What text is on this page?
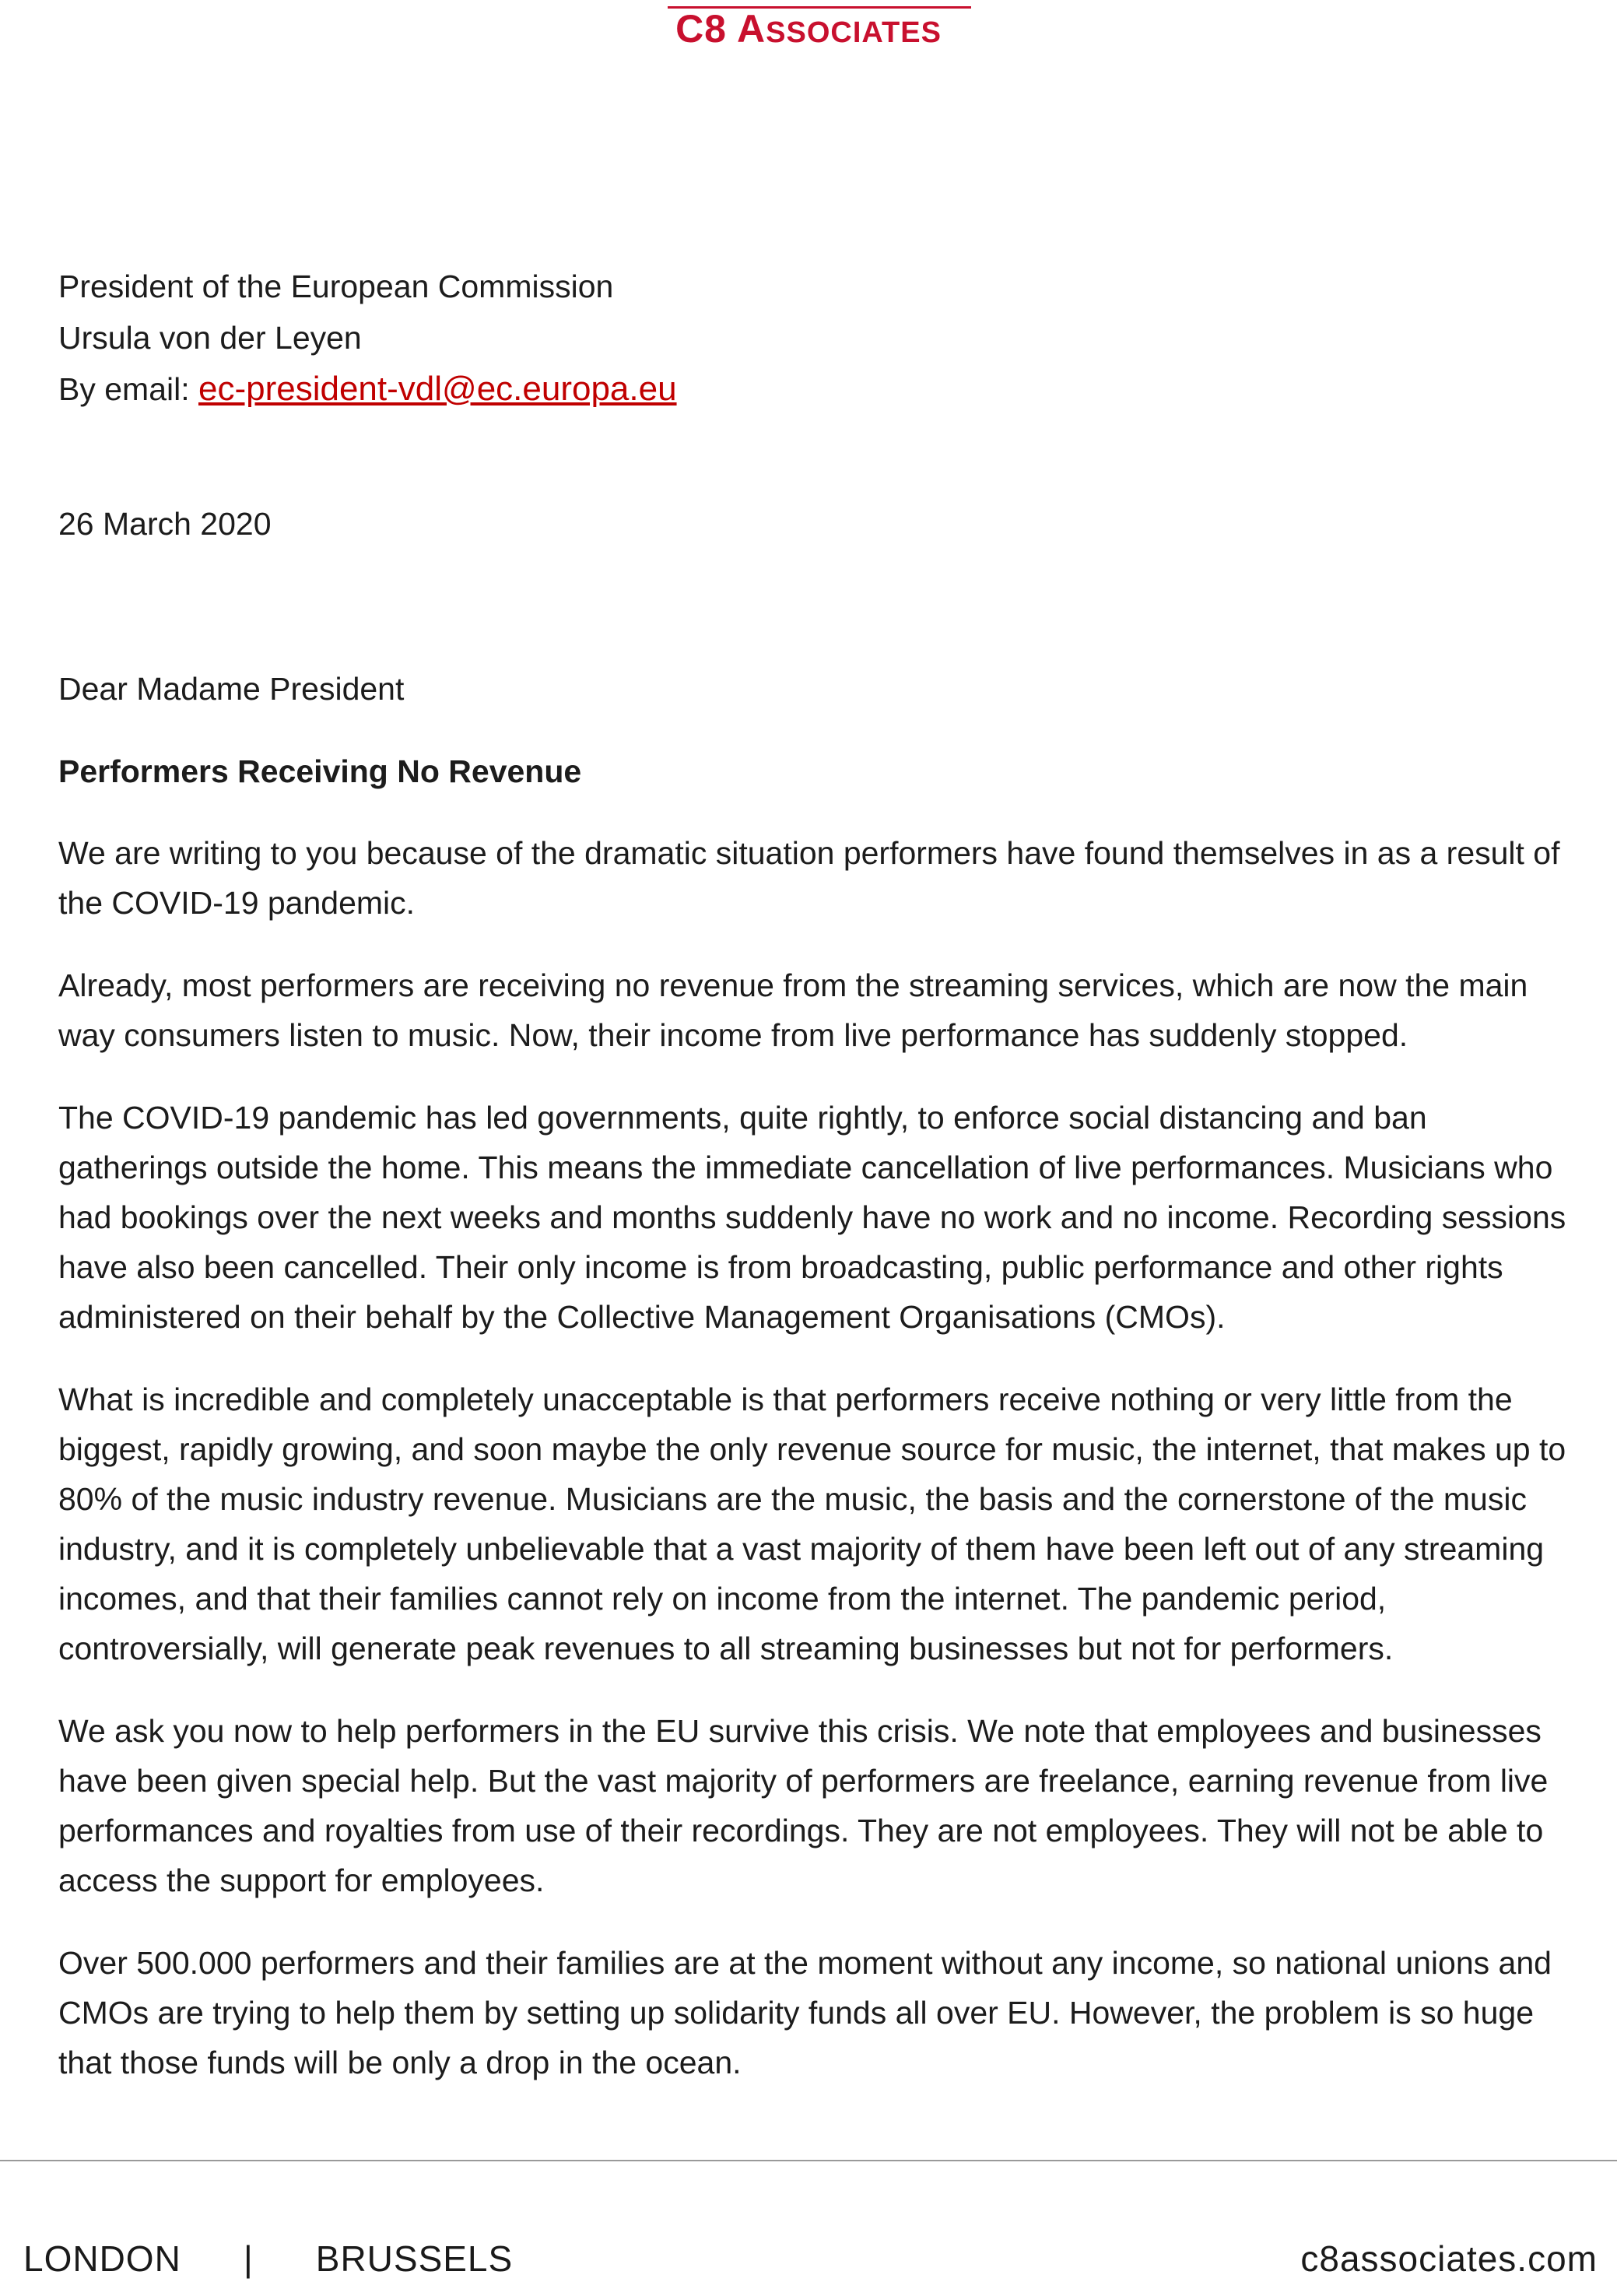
C8 ASSOCIATES
President of the European Commission
Ursula von der Leyen
By email: ec-president-vdl@ec.europa.eu
26 March 2020
Dear Madame President
Performers Receiving No Revenue

We are writing to you because of the dramatic situation performers have found themselves in as a result of the COVID-19 pandemic.

Already, most performers are receiving no revenue from the streaming services, which are now the main way consumers listen to music. Now, their income from live performance has suddenly stopped.

The COVID-19 pandemic has led governments, quite rightly, to enforce social distancing and ban gatherings outside the home. This means the immediate cancellation of live performances. Musicians who had bookings over the next weeks and months suddenly have no work and no income. Recording sessions have also been cancelled. Their only income is from broadcasting, public performance and other rights administered on their behalf by the Collective Management Organisations (CMOs).

What is incredible and completely unacceptable is that performers receive nothing or very little from the biggest, rapidly growing, and soon maybe the only revenue source for music, the internet, that makes up to 80% of the music industry revenue. Musicians are the music, the basis and the cornerstone of the music industry, and it is completely unbelievable that a vast majority of them have been left out of any streaming incomes, and that their families cannot rely on income from the internet. The pandemic period, controversially, will generate peak revenues to all streaming businesses but not for performers.

We ask you now to help performers in the EU survive this crisis. We note that employees and businesses have been given special help. But the vast majority of performers are freelance, earning revenue from live performances and royalties from use of their recordings. They are not employees. They will not be able to access the support for employees.

Over 500.000 performers and their families are at the moment without any income, so national unions and CMOs are trying to help them by setting up solidarity funds all over EU. However, the problem is so huge that those funds will be only a drop in the ocean.

LONDON | BRUSSELS	c8associates.com
